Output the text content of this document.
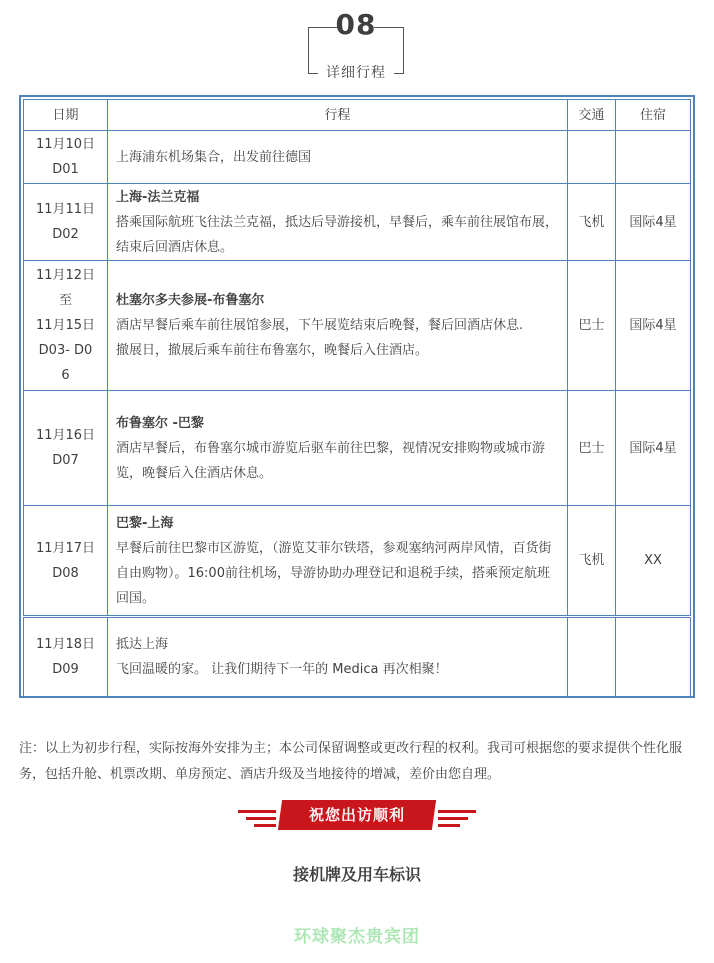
08
详细行程
日期	行程	交通	住宿

11月10日
D01	上海浦东机场集合，出发前往德国		

11月11日
D02	上海-法兰克福
搭乘国际航班飞往法兰克福，抵达后导游接机，早餐后，乘车前往展馆布展，结束后回酒店休息。	飞机	国际4星

11月12日
至
11月15日
D03- D0
6	杜塞尔多夫参展-布鲁塞尔
酒店早餐后乘车前往展馆参展，下午展览结束后晚餐，餐后回酒店休息.
撤展日，撤展后乘车前往布鲁塞尔，晚餐后入住酒店。	巴士	国际4星

11月16日
D07	布鲁塞尔 -巴黎
酒店早餐后，布鲁塞尔城市游览后驱车前往巴黎，视情况安排购物或城市游览，晚餐后入住酒店休息。	巴士	国际4星

11月17日
D08	巴黎-上海
早餐后前往巴黎市区游览，（游览艾菲尔铁塔，参观塞纳河两岸风情，百货街自由购物）。16:00前往机场，导游协助办理登记和退税手续，搭乘预定航班回国。	飞机	XX

11月18日
D09	抵达上海
飞回温暖的家。 让我们期待下一年的 Medica 再次相聚！		

注：以上为初步行程，实际按海外安排为主；本公司保留调整或更改行程的权利。我司可根据您的要求提供个性化服务，包括升舱、机票改期、单房预定、酒店升级及当地接待的增减，差价由您自理。
祝您出访顺利
接机牌及用车标识
环球聚杰贵宾团
